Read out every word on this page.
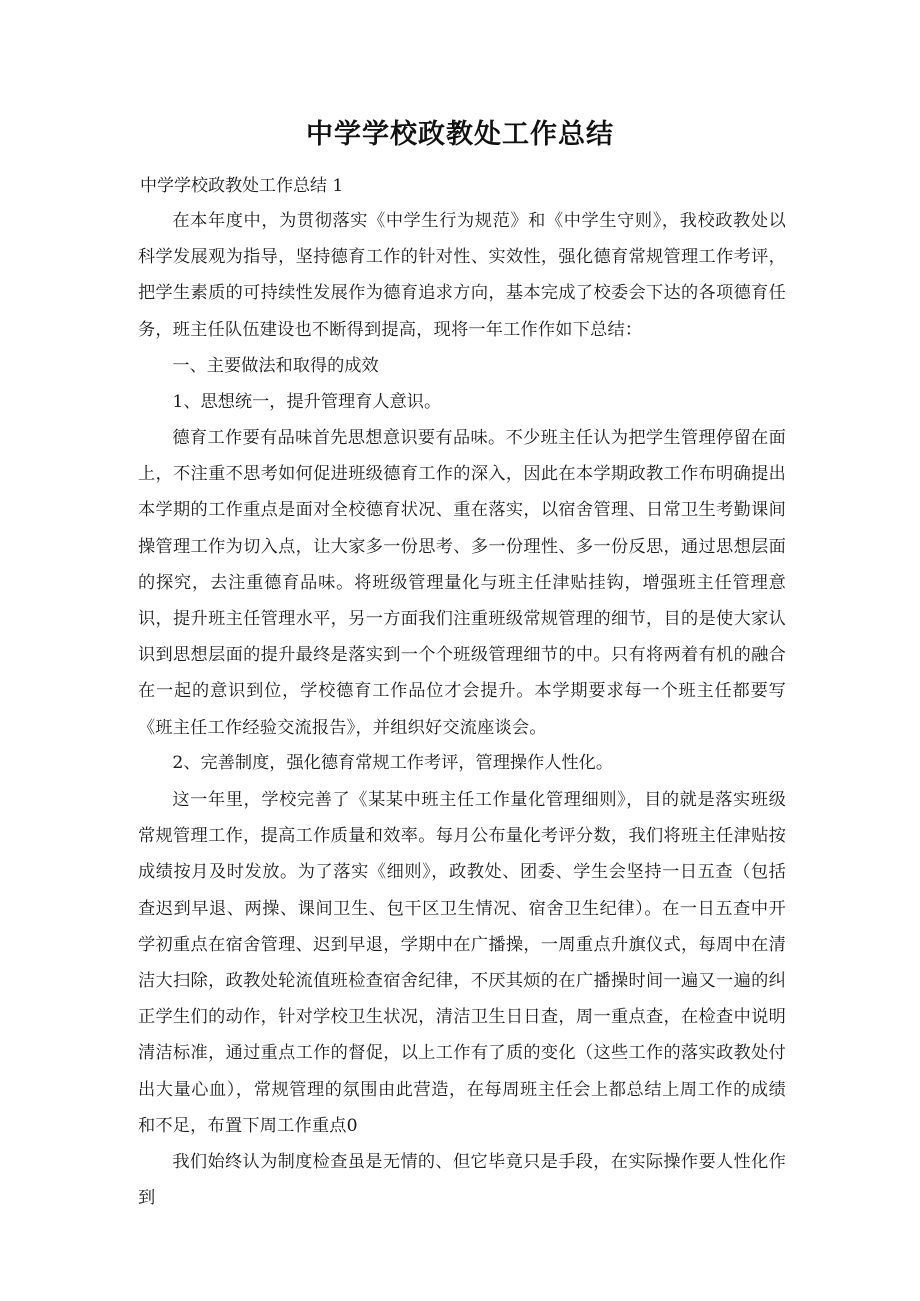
中学学校政教处工作总结

中学学校政教处工作总结 1

在本年度中，为贯彻落实《中学生行为规范》和《中学生守则》，我校政教处以科学发展观为指导，坚持德育工作的针对性、实效性，强化德育常规管理工作考评，把学生素质的可持续性发展作为德育追求方向，基本完成了校委会下达的各项德育任务，班主任队伍建设也不断得到提高，现将一年工作作如下总结：

一、主要做法和取得的成效

1、思想统一，提升管理育人意识。

德育工作要有品味首先思想意识要有品味。不少班主任认为把学生管理停留在面上，不注重不思考如何促进班级德育工作的深入，因此在本学期政教工作布明确提出本学期的工作重点是面对全校德育状况、重在落实，以宿舍管理、日常卫生考勤课间操管理工作为切入点，让大家多一份思考、多一份理性、多一份反思，通过思想层面的探究，去注重德育品味。将班级管理量化与班主任津贴挂钩，增强班主任管理意识，提升班主任管理水平，另一方面我们注重班级常规管理的细节，目的是使大家认识到思想层面的提升最终是落实到一个个班级管理细节的中。只有将两着有机的融合在一起的意识到位，学校德育工作品位才会提升。本学期要求每一个班主任都要写《班主任工作经验交流报告》，并组织好交流座谈会。

2、完善制度，强化德育常规工作考评，管理操作人性化。

这一年里，学校完善了《某某中班主任工作量化管理细则》，目的就是落实班级常规管理工作，提高工作质量和效率。每月公布量化考评分数，我们将班主任津贴按成绩按月及时发放。为了落实《细则》，政教处、团委、学生会坚持一日五查（包括查迟到早退、两操、课间卫生、包干区卫生情况、宿舍卫生纪律）。在一日五查中开学初重点在宿舍管理、迟到早退，学期中在广播操，一周重点升旗仪式，每周中在清洁大扫除，政教处轮流值班检查宿舍纪律，不厌其烦的在广播操时间一遍又一遍的纠正学生们的动作，针对学校卫生状况，清洁卫生日日查，周一重点查，在检查中说明清洁标准，通过重点工作的督促，以上工作有了质的变化（这些工作的落实政教处付出大量心血），常规管理的氛围由此营造，在每周班主任会上都总结上周工作的成绩和不足，布置下周工作重点0

我们始终认为制度检查虽是无情的、但它毕竟只是手段，在实际操作要人性化作到
